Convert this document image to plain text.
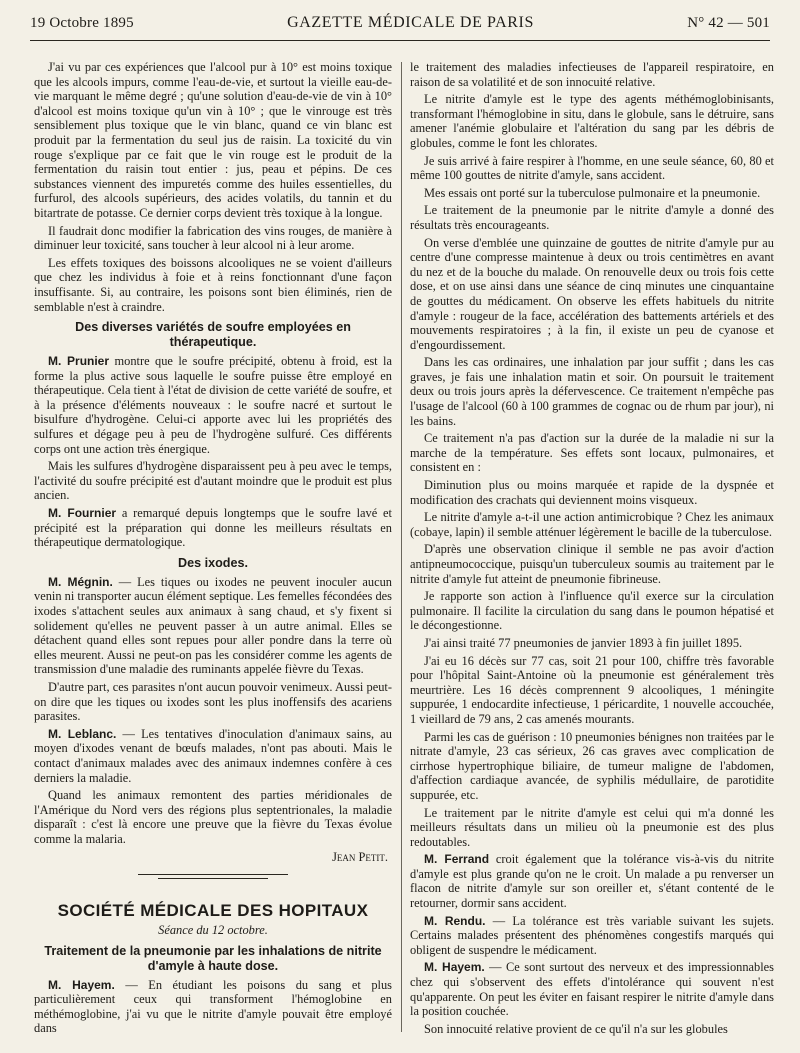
19 Octobre 1895	GAZETTE MÉDICALE DE PARIS	N° 42 — 501

J'ai vu par ces expériences que l'alcool pur à 10° est moins toxique que les alcools impurs, comme l'eau-de-vie, et surtout la vieille eau-de-vie marquant le même degré ; qu'une solution d'eau-de-vie de vin à 10° d'alcool est moins toxique qu'un vin à 10° ; que le vinrouge est très sensiblement plus toxique que le vin blanc, quand ce vin blanc est produit par la fermentation du seul jus de raisin. La toxicité du vin rouge s'explique par ce fait que le vin rouge est le produit de la fermentation du raisin tout entier : jus, peau et pépins. De ces substances viennent des impuretés comme des huiles essentielles, du furfurol, des alcools supérieurs, des acides volatils, du tannin et du bitartrate de potasse. Ce dernier corps devient très toxique à la longue.

Il faudrait donc modifier la fabrication des vins rouges, de manière à diminuer leur toxicité, sans toucher à leur alcool ni à leur arome.

Les effets toxiques des boissons alcooliques ne se voient d'ailleurs que chez les individus à foie et à reins fonctionnant d'une façon insuffisante. Si, au contraire, les poisons sont bien éliminés, rien de semblable n'est à craindre.

Des diverses variétés de soufre employées en thérapeutique.

M. Prunier montre que le soufre précipité, obtenu à froid, est la forme la plus active sous laquelle le soufre puisse être employé en thérapeutique. Cela tient à l'état de division de cette variété de soufre, et à la présence d'éléments nouveaux : le soufre nacré et surtout le bisulfure d'hydrogène. Celui-ci apporte avec lui les propriétés des sulfures et dégage peu à peu de l'hydrogène sulfuré. Ces différents corps ont une action très énergique.

Mais les sulfures d'hydrogène disparaissent peu à peu avec le temps, l'activité du soufre précipité est d'autant moindre que le produit est plus ancien.

M. Fournier a remarqué depuis longtemps que le soufre lavé et précipité est la préparation qui donne les meilleurs résultats en thérapeutique dermatologique.

Des ixodes.

M. Mégnin. — Les tiques ou ixodes ne peuvent inoculer aucun venin ni transporter aucun élément septique. Les femelles fécondées des ixodes s'attachent seules aux animaux à sang chaud, et s'y fixent si solidement qu'elles ne peuvent passer à un autre animal. Elles se détachent quand elles sont repues pour aller pondre dans la terre où elles meurent. Aussi ne peut-on pas les considérer comme les agents de transmission d'une maladie des ruminants appelée fièvre du Texas.

D'autre part, ces parasites n'ont aucun pouvoir venimeux. Aussi peut-on dire que les tiques ou ixodes sont les plus inoffensifs des acariens parasites.

M. Leblanc. — Les tentatives d'inoculation d'animaux sains, au moyen d'ixodes venant de bœufs malades, n'ont pas abouti. Mais le contact d'animaux malades avec des animaux indemnes confère à ces derniers la maladie.

Quand les animaux remontent des parties méridionales de l'Amérique du Nord vers des régions plus septentrionales, la maladie disparaît : c'est là encore une preuve que la fièvre du Texas évolue comme la malaria.

Jean Petit.
SOCIÉTÉ MÉDICALE DES HOPITAUX
Séance du 12 octobre.
Traitement de la pneumonie par les inhalations de nitrite d'amyle à haute dose.

M. Hayem. — En étudiant les poisons du sang et plus particulièrement ceux qui transforment l'hémoglobine en méthémoglobine, j'ai vu que le nitrite d'amyle pouvait être employé dans

le traitement des maladies infectieuses de l'appareil respiratoire, en raison de sa volatilité et de son innocuité relative.

Le nitrite d'amyle est le type des agents méthémoglobinisants, transformant l'hémoglobine in situ, dans le globule, sans le détruire, sans amener l'anémie globulaire et l'altération du sang par les débris de globules, comme le font les chlorates.

Je suis arrivé à faire respirer à l'homme, en une seule séance, 60, 80 et même 100 gouttes de nitrite d'amyle, sans accident.

Mes essais ont porté sur la tuberculose pulmonaire et la pneumonie.

Le traitement de la pneumonie par le nitrite d'amyle a donné des résultats très encourageants.

On verse d'emblée une quinzaine de gouttes de nitrite d'amyle pur au centre d'une compresse maintenue à deux ou trois centimètres en avant du nez et de la bouche du malade. On renouvelle deux ou trois fois cette dose, et on use ainsi dans une séance de cinq minutes une cinquantaine de gouttes du médicament. On observe les effets habituels du nitrite d'amyle : rougeur de la face, accélération des battements artériels et des mouvements respiratoires ; à la fin, il existe un peu de cyanose et d'engourdissement.

Dans les cas ordinaires, une inhalation par jour suffit ; dans les cas graves, je fais une inhalation matin et soir. On poursuit le traitement deux ou trois jours après la défervescence. Ce traitement n'empêche pas l'usage de l'alcool (60 à 100 grammes de cognac ou de rhum par jour), ni les bains.

Ce traitement n'a pas d'action sur la durée de la maladie ni sur la marche de la température. Ses effets sont locaux, pulmonaires, et consistent en :

Diminution plus ou moins marquée et rapide de la dyspnée et modification des crachats qui deviennent moins visqueux.

Le nitrite d'amyle a-t-il une action antimicrobique ? Chez les animaux (cobaye, lapin) il semble atténuer légèrement le bacille de la tuberculose.

D'après une observation clinique il semble ne pas avoir d'action antipneumococcique, puisqu'un tuberculeux soumis au traitement par le nitrite d'amyle fut atteint de pneumonie fibrineuse.

Je rapporte son action à l'influence qu'il exerce sur la circulation pulmonaire. Il facilite la circulation du sang dans le poumon hépatisé et le décongestionne.

J'ai ainsi traité 77 pneumonies de janvier 1893 à fin juillet 1895.

J'ai eu 16 décès sur 77 cas, soit 21 pour 100, chiffre très favorable pour l'hôpital Saint-Antoine où la pneumonie est généralement très meurtrière. Les 16 décès comprennent 9 alcooliques, 1 méningite suppurée, 1 endocardite infectieuse, 1 péricardite, 1 nouvelle accouchée, 1 vieillard de 79 ans, 2 cas amenés mourants.

Parmi les cas de guérison : 10 pneumonies bénignes non traitées par le nitrate d'amyle, 23 cas sérieux, 26 cas graves avec complication de cirrhose hypertrophique biliaire, de tumeur maligne de l'abdomen, d'affection cardiaque avancée, de syphilis médullaire, de parotidite suppurée, etc.

Le traitement par le nitrite d'amyle est celui qui m'a donné les meilleurs résultats dans un milieu où la pneumonie est des plus redoutables.

M. Ferrand croit également que la tolérance vis-à-vis du nitrite d'amyle est plus grande qu'on ne le croit. Un malade a pu renverser un flacon de nitrite d'amyle sur son oreiller et, s'étant contenté de le retourner, dormir sans accident.

M. Rendu. — La tolérance est très variable suivant les sujets. Certains malades présentent des phénomènes congestifs marqués qui obligent de suspendre le médicament.

M. Hayem. — Ce sont surtout des nerveux et des impressionnables chez qui s'observent des effets d'intolérance qui souvent n'est qu'apparente. On peut les éviter en faisant respirer le nitrite d'amyle dans la position couchée.

Son innocuité relative provient de ce qu'il n'a sur les globules
